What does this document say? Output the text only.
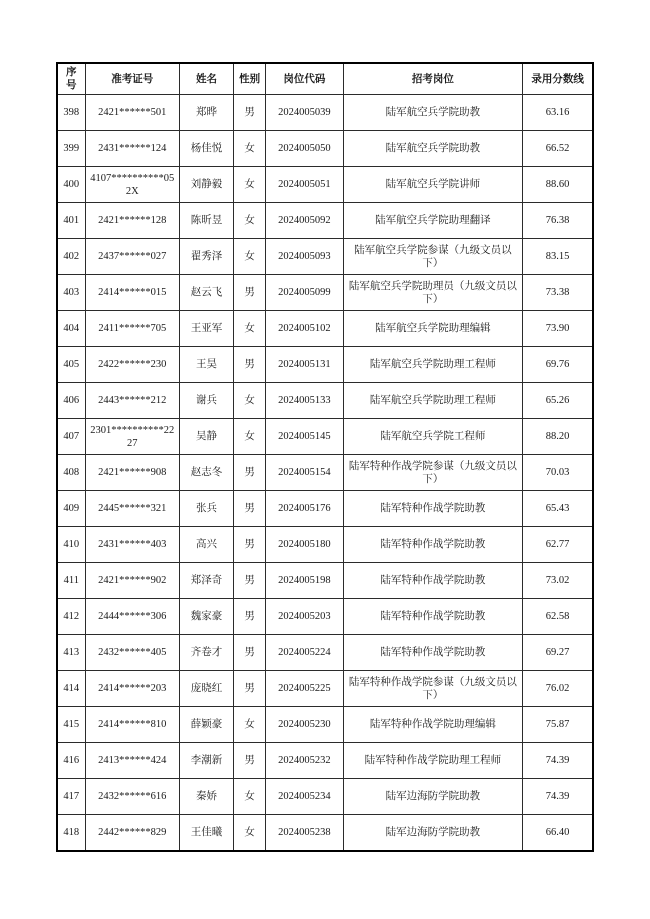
序号	准考证号	姓名	性别	岗位代码	招考岗位	录用分数线
398	2421******501	郑晔	男	2024005039	陆军航空兵学院助教	63.16
399	2431******124	杨佳悦	女	2024005050	陆军航空兵学院助教	66.52
400	4107**********052X	刘静毅	女	2024005051	陆军航空兵学院讲师	88.60
401	2421******128	陈昕昱	女	2024005092	陆军航空兵学院助理翻译	76.38
402	2437******027	翟秀泽	女	2024005093	陆军航空兵学院参谋（九级文员以下）	83.15
403	2414******015	赵云飞	男	2024005099	陆军航空兵学院助理员（九级文员以下）	73.38
404	2411******705	王亚军	女	2024005102	陆军航空兵学院助理编辑	73.90
405	2422******230	王昊	男	2024005131	陆军航空兵学院助理工程师	69.76
406	2443******212	谢兵	女	2024005133	陆军航空兵学院助理工程师	65.26
407	2301**********2227	吴静	女	2024005145	陆军航空兵学院工程师	88.20
408	2421******908	赵志冬	男	2024005154	陆军特种作战学院参谋（九级文员以下）	70.03
409	2445******321	张兵	男	2024005176	陆军特种作战学院助教	65.43
410	2431******403	高兴	男	2024005180	陆军特种作战学院助教	62.77
411	2421******902	郑泽奇	男	2024005198	陆军特种作战学院助教	73.02
412	2444******306	魏家豪	男	2024005203	陆军特种作战学院助教	62.58
413	2432******405	齐卷才	男	2024005224	陆军特种作战学院助教	69.27
414	2414******203	庞晓红	男	2024005225	陆军特种作战学院参谋（九级文员以下）	76.02
415	2414******810	薛颖豪	女	2024005230	陆军特种作战学院助理编辑	75.87
416	2413******424	李潮新	男	2024005232	陆军特种作战学院助理工程师	74.39
417	2432******616	秦娇	女	2024005234	陆军边海防学院助教	74.39
418	2442******829	王佳曦	女	2024005238	陆军边海防学院助教	66.40
